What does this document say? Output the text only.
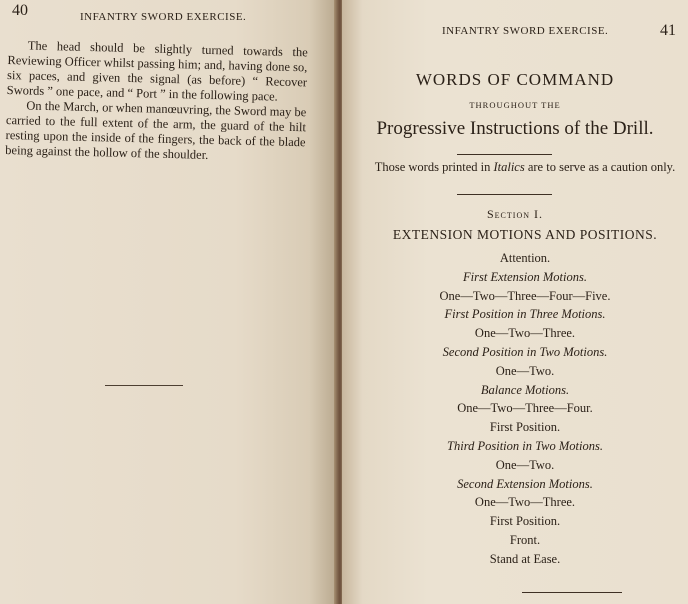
40	INFANTRY SWORD EXERCISE.

The head should be slightly turned towards the Reviewing Officer whilst passing him; and, having done so, six paces, and given the signal (as before) “ Recover Swords ” one pace, and “ Port ” in the following pace.

On the March, or when manœuvring, the Sword may be carried to the full extent of the arm, the guard of the hilt resting upon the inside of the fingers, the back of the blade being against the hollow of the shoulder.

INFANTRY SWORD EXERCISE.	41
WORDS OF COMMAND
THROUGHOUT THE
Progressive Instructions of the Drill.
Those words printed in Italics are to serve as a caution only.
Section I.
EXTENSION MOTIONS AND POSITIONS.
Attention.
First Extension Motions.
One—Two—Three—Four—Five.
First Position in Three Motions.
One—Two—Three.
Second Position in Two Motions.
One—Two.
Balance Motions.
One—Two—Three—Four.
First Position.
Third Position in Two Motions.
One—Two.
Second Extension Motions.
One—Two—Three.
First Position.
Front.
Stand at Ease.
